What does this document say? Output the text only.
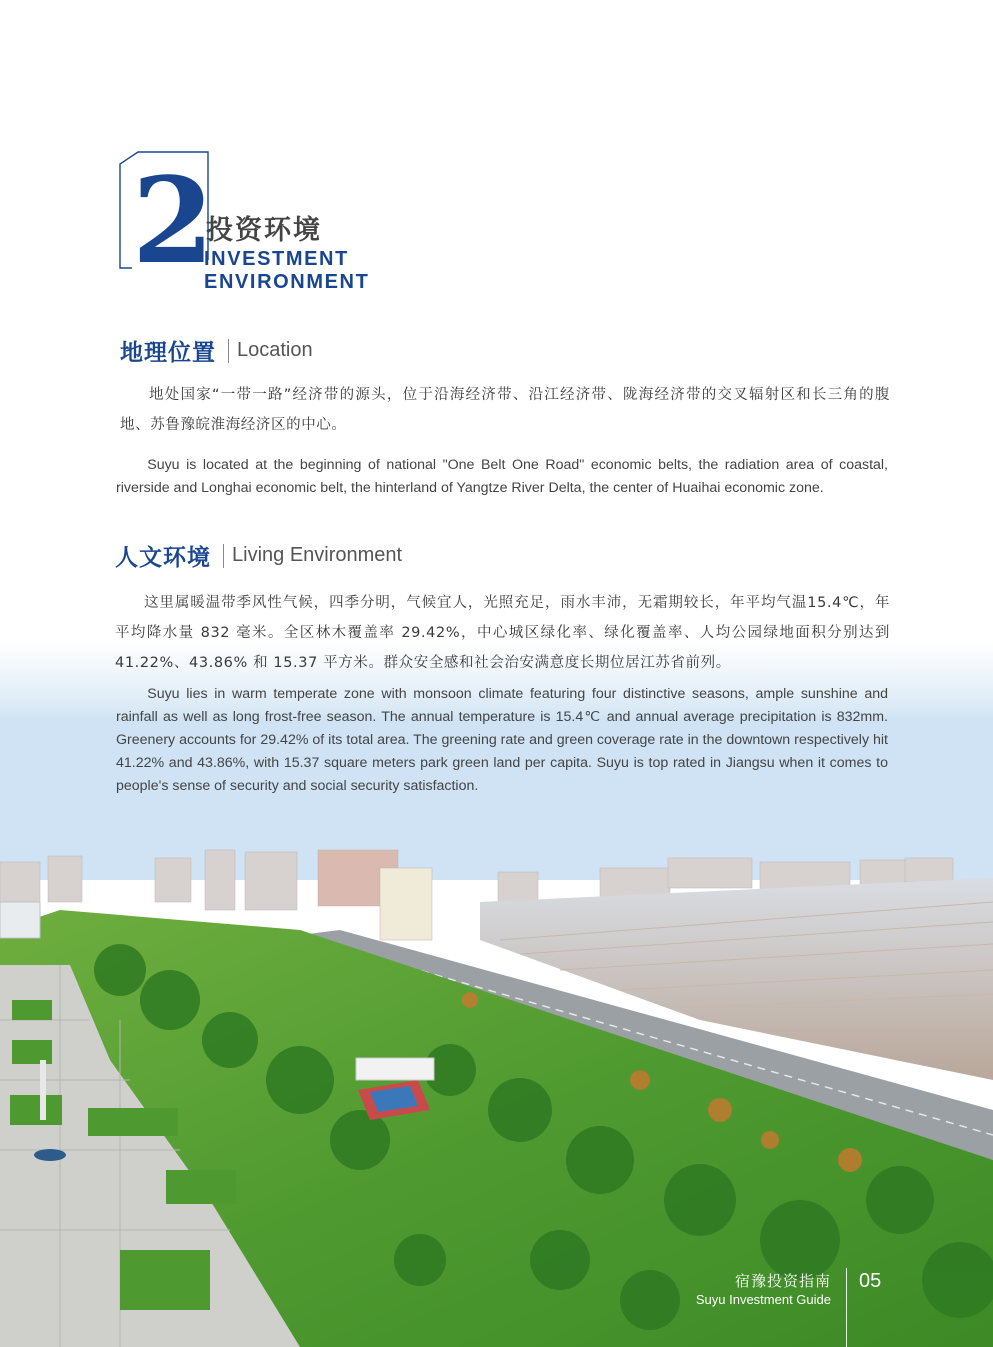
2
投资环境
INVESTMENT ENVIRONMENT
地理位置 Location

地处国家“一带一路”经济带的源头，位于沿海经济带、沿江经济带、陇海经济带的交叉辐射区和长三角的腹地、苏鲁豫皖淮海经济区的中心。

Suyu is located at the beginning of national "One Belt One Road" economic belts, the radiation area of coastal, riverside and Longhai economic belt, the hinterland of Yangtze River Delta, the center of Huaihai economic zone.

人文环境 Living Environment

这里属暖温带季风性气候，四季分明，气候宜人，光照充足，雨水丰沛，无霜期较长，年平均气温15.4℃，年平均降水量 832 毫米。全区林木覆盖率 29.42%，中心城区绿化率、绿化覆盖率、人均公园绿地面积分别达到 41.22%、43.86% 和 15.37 平方米。群众安全感和社会治安满意度长期位居江苏省前列。

Suyu lies in warm temperate zone with monsoon climate featuring four distinctive seasons, ample sunshine and rainfall as well as long frost-free season. The annual temperature is 15.4℃ and annual average precipitation is 832mm. Greenery accounts for 29.42% of its total area. The greening rate and green coverage rate in the downtown respectively hit 41.22% and 43.86%, with 15.37 square meters park green land per capita. Suyu is top rated in Jiangsu when it comes to people's sense of security and social security satisfaction.

宿豫投资指南
Suyu Investment Guide
05
